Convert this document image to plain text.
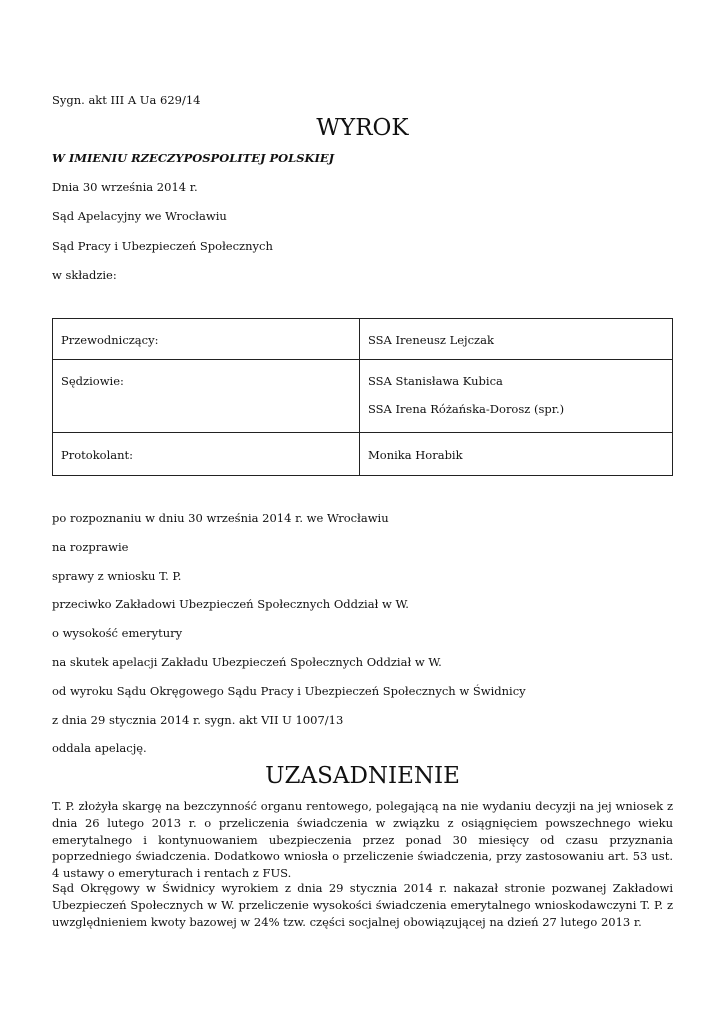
Sygn. akt III A Ua 629/14
WYROK
W IMIENIU RZECZYPOSPOLITEJ POLSKIEJ
Dnia 30 września 2014 r.
Sąd Apelacyjny we Wrocławiu
Sąd Pracy i Ubezpieczeń Społecznych
w składzie:
Przewodniczący:	SSA Ireneusz Lejczak

Sędziowie:	SSA Stanisława Kubica
SSA Irena Różańska-Dorosz (spr.)

Protokolant:	Monika Horabik
po rozpoznaniu w dniu 30 września 2014 r. we Wrocławiu
na rozprawie
sprawy z wniosku T. P.
przeciwko Zakładowi Ubezpieczeń Społecznych Oddział w W.
o wysokość emerytury
na skutek apelacji Zakładu Ubezpieczeń Społecznych Oddział w W.
od wyroku Sądu Okręgowego Sądu Pracy i Ubezpieczeń Społecznych w Świdnicy
z dnia 29 stycznia 2014 r. sygn. akt VII U 1007/13
oddala apelację.
UZASADNIENIE
T. P. złożyła skargę na bezczynność organu rentowego, polegającą na nie wydaniu decyzji na jej wniosek z dnia 26 lutego 2013 r. o przeliczenia świadczenia w związku z osiągnięciem powszechnego wieku emerytalnego i kontynuowaniem ubezpieczenia przez ponad 30 miesięcy od czasu przyznania poprzedniego świadczenia. Dodatkowo wniosła o przeliczenie świadczenia, przy zastosowaniu art. 53 ust. 4 ustawy o emeryturach i rentach z FUS.
Sąd Okręgowy w Świdnicy wyrokiem z dnia 29 stycznia 2014 r. nakazał stronie pozwanej Zakładowi Ubezpieczeń Społecznych w W. przeliczenie wysokości świadczenia emerytalnego wnioskodawczyni T. P. z uwzględnieniem kwoty bazowej w 24% tzw. części socjalnej obowiązującej na dzień 27 lutego 2013 r.
